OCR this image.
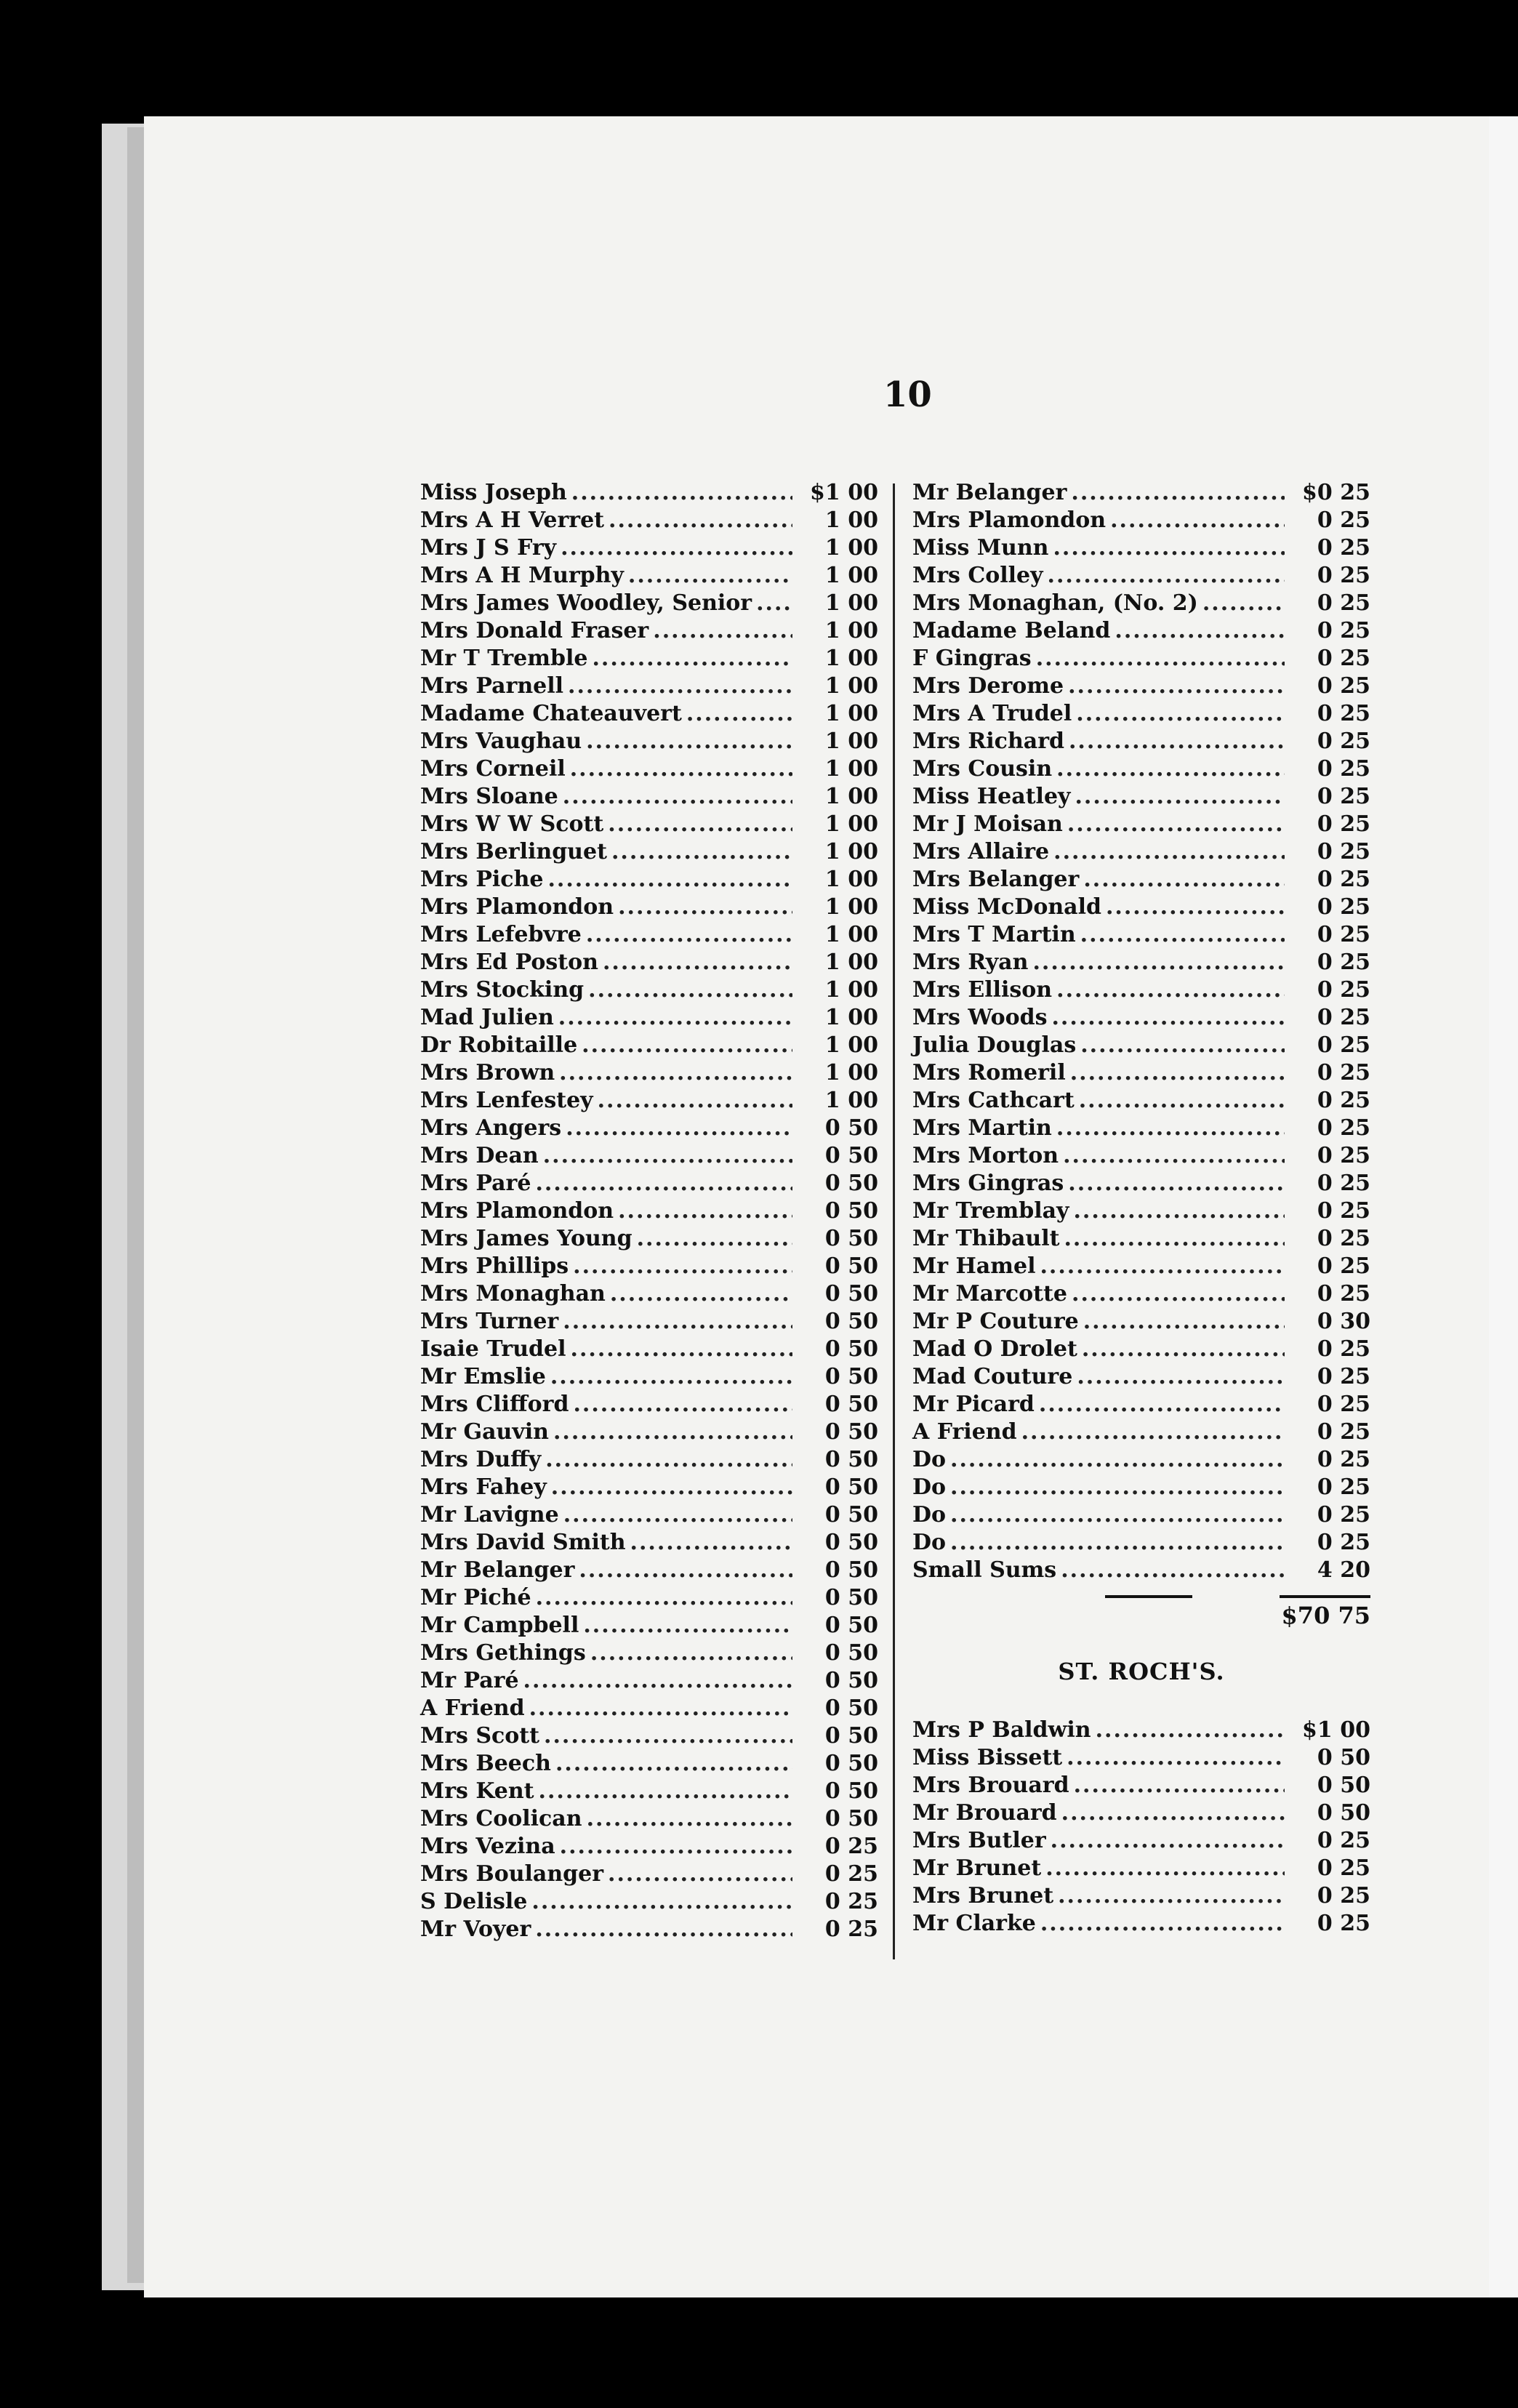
10
Miss Joseph .....	$1 00
Mrs A H Verret .....	1 00
Mrs J S Fry .....	1 00
Mrs A H Murphy .....	1 00
Mrs James Woodley, Senior .....	1 00
Mrs Donald Fraser .....	1 00
Mr T Tremble .....	1 00
Mrs Parnell .....	1 00
Madame Chateauvert .....	1 00
Mrs Vaughau .....	1 00
Mrs Corneil .....	1 00
Mrs Sloane .....	1 00
Mrs W W Scott .....	1 00
Mrs Berlinguet .....	1 00
Mrs Piche .....	1 00
Mrs Plamondon .....	1 00
Mrs Lefebvre .....	1 00
Mrs Ed Poston .....	1 00
Mrs Stocking .....	1 00
Mad Julien .....	1 00
Dr Robitaille .....	1 00
Mrs Brown .....	1 00
Mrs Lenfestey .....	1 00
Mrs Angers .....	0 50
Mrs Dean .....	0 50
Mrs Paré .....	0 50
Mrs Plamondon .....	0 50
Mrs James Young .....	0 50
Mrs Phillips .....	0 50
Mrs Monaghan .....	0 50
Mrs Turner .....	0 50
Isaie Trudel .....	0 50
Mr Emslie .....	0 50
Mrs Clifford .....	0 50
Mr Gauvin .....	0 50
Mrs Duffy .....	0 50
Mrs Fahey .....	0 50
Mr Lavigne .....	0 50
Mrs David Smith .....	0 50
Mr Belanger .....	0 50
Mr Piché .....	0 50
Mr Campbell .....	0 50
Mrs Gethings .....	0 50
Mr Paré .....	0 50
A Friend .....	0 50
Mrs Scott .....	0 50
Mrs Beech .....	0 50
Mrs Kent .....	0 50
Mrs Coolican .....	0 50
Mrs Vezina .....	0 25
Mrs Boulanger .....	0 25
S Delisle .....	0 25
Mr Voyer .....	0 25
Mr Belanger .....	$0 25
Mrs Plamondon .....	0 25
Miss Munn .....	0 25
Mrs Colley .....	0 25
Mrs Monaghan, (No. 2) .....	0 25
Madame Beland .....	0 25
F Gingras .....	0 25
Mrs Derome .....	0 25
Mrs A Trudel .....	0 25
Mrs Richard .....	0 25
Mrs Cousin .....	0 25
Miss Heatley .....	0 25
Mr J Moisan .....	0 25
Mrs Allaire .....	0 25
Mrs Belanger .....	0 25
Miss McDonald .....	0 25
Mrs T Martin .....	0 25
Mrs Ryan .....	0 25
Mrs Ellison .....	0 25
Mrs Woods .....	0 25
Julia Douglas .....	0 25
Mrs Romeril .....	0 25
Mrs Cathcart .....	0 25
Mrs Martin .....	0 25
Mrs Morton .....	0 25
Mrs Gingras .....	0 25
Mr Tremblay .....	0 25
Mr Thibault .....	0 25
Mr Hamel .....	0 25
Mr Marcotte .....	0 25
Mr P Couture .....	0 30
Mad O Drolet .....	0 25
Mad Couture .....	0 25
Mr Picard .....	0 25
A Friend .....	0 25
Do .....	0 25
Do .....	0 25
Do .....	0 25
Do .....	0 25
Small Sums .....	4 20
$70 75
ST. ROCH'S.
Mrs P Baldwin .....	$1 00
Miss Bissett .....	0 50
Mrs Brouard .....	0 50
Mr Brouard .....	0 50
Mrs Butler .....	0 25
Mr Brunet .....	0 25
Mrs Brunet .....	0 25
Mr Clarke .....	0 25
